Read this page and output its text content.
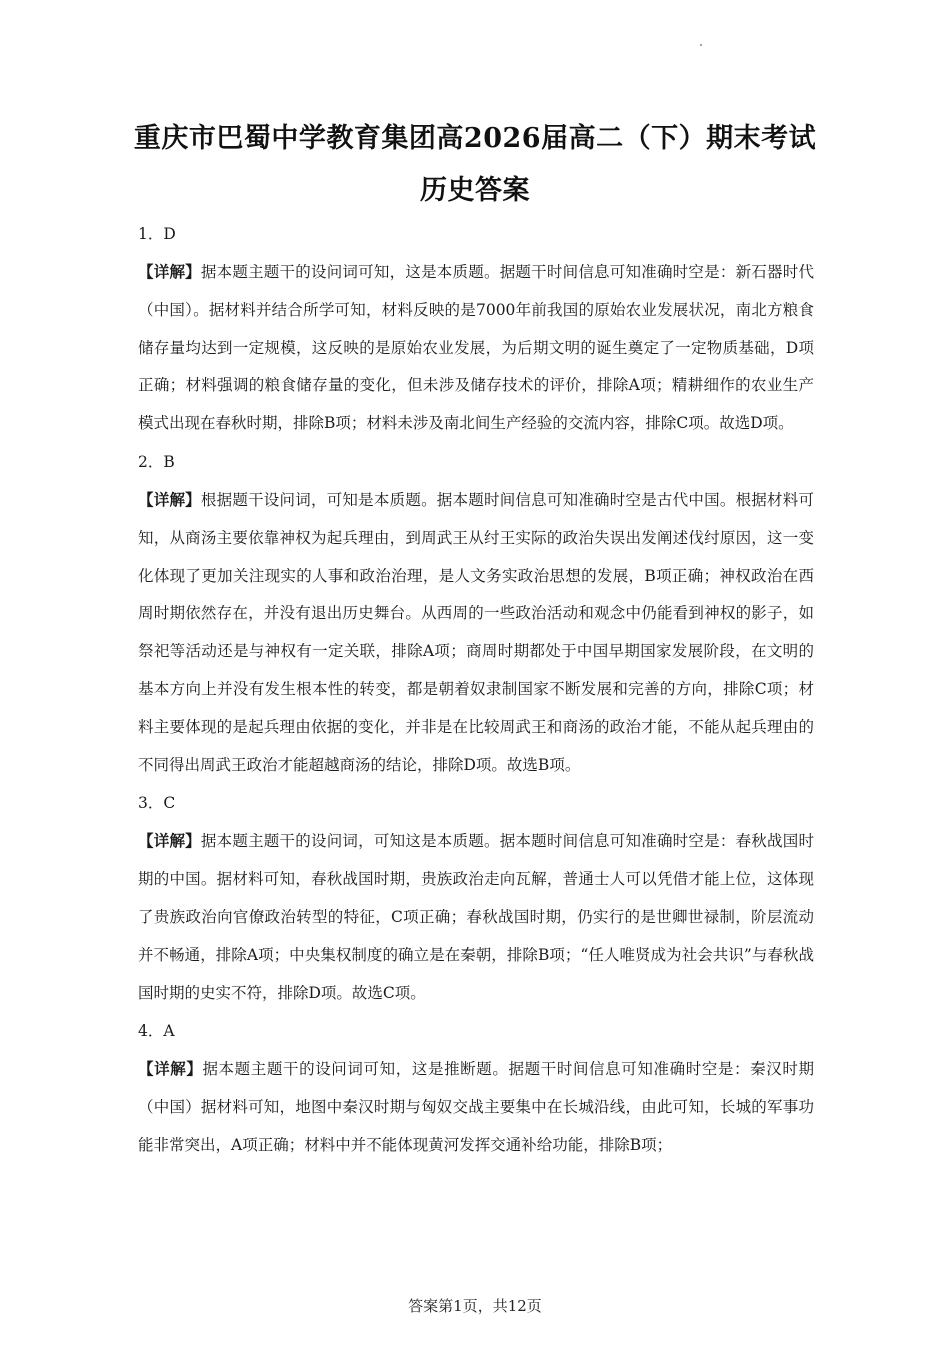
重庆市巴蜀中学教育集团高2026届高二（下）期末考试
历史答案
1．D
【详解】据本题主题干的设问词可知，这是本质题。据题干时间信息可知准确时空是：新石器时代（中国）。据材料并结合所学可知，材料反映的是7000年前我国的原始农业发展状况，南北方粮食储存量均达到一定规模，这反映的是原始农业发展，为后期文明的诞生奠定了一定物质基础，D项正确；材料强调的粮食储存量的变化，但未涉及储存技术的评价，排除A项；精耕细作的农业生产模式出现在春秋时期，排除B项；材料未涉及南北间生产经验的交流内容，排除C项。故选D项。
2．B
【详解】根据题干设问词，可知是本质题。据本题时间信息可知准确时空是古代中国。根据材料可知，从商汤主要依靠神权为起兵理由，到周武王从纣王实际的政治失误出发阐述伐纣原因，这一变化体现了更加关注现实的人事和政治治理，是人文务实政治思想的发展，B项正确；神权政治在西周时期依然存在，并没有退出历史舞台。从西周的一些政治活动和观念中仍能看到神权的影子，如祭祀等活动还是与神权有一定关联，排除A项；商周时期都处于中国早期国家发展阶段，在文明的基本方向上并没有发生根本性的转变，都是朝着奴隶制国家不断发展和完善的方向，排除C项；材料主要体现的是起兵理由依据的变化，并非是在比较周武王和商汤的政治才能，不能从起兵理由的不同得出周武王政治才能超越商汤的结论，排除D项。故选B项。
3．C
【详解】据本题主题干的设问词，可知这是本质题。据本题时间信息可知准确时空是：春秋战国时期的中国。据材料可知，春秋战国时期，贵族政治走向瓦解，普通士人可以凭借才能上位，这体现了贵族政治向官僚政治转型的特征，C项正确；春秋战国时期，仍实行的是世卿世禄制，阶层流动并不畅通，排除A项；中央集权制度的确立是在秦朝，排除B项；“任人唯贤成为社会共识”与春秋战国时期的史实不符，排除D项。故选C项。
4．A
【详解】据本题主题干的设问词可知，这是推断题。据题干时间信息可知准确时空是：秦汉时期（中国）据材料可知，地图中秦汉时期与匈奴交战主要集中在长城沿线，由此可知，长城的军事功能非常突出，A项正确；材料中并不能体现黄河发挥交通补给功能，排除B项；
答案第1页，共12页
